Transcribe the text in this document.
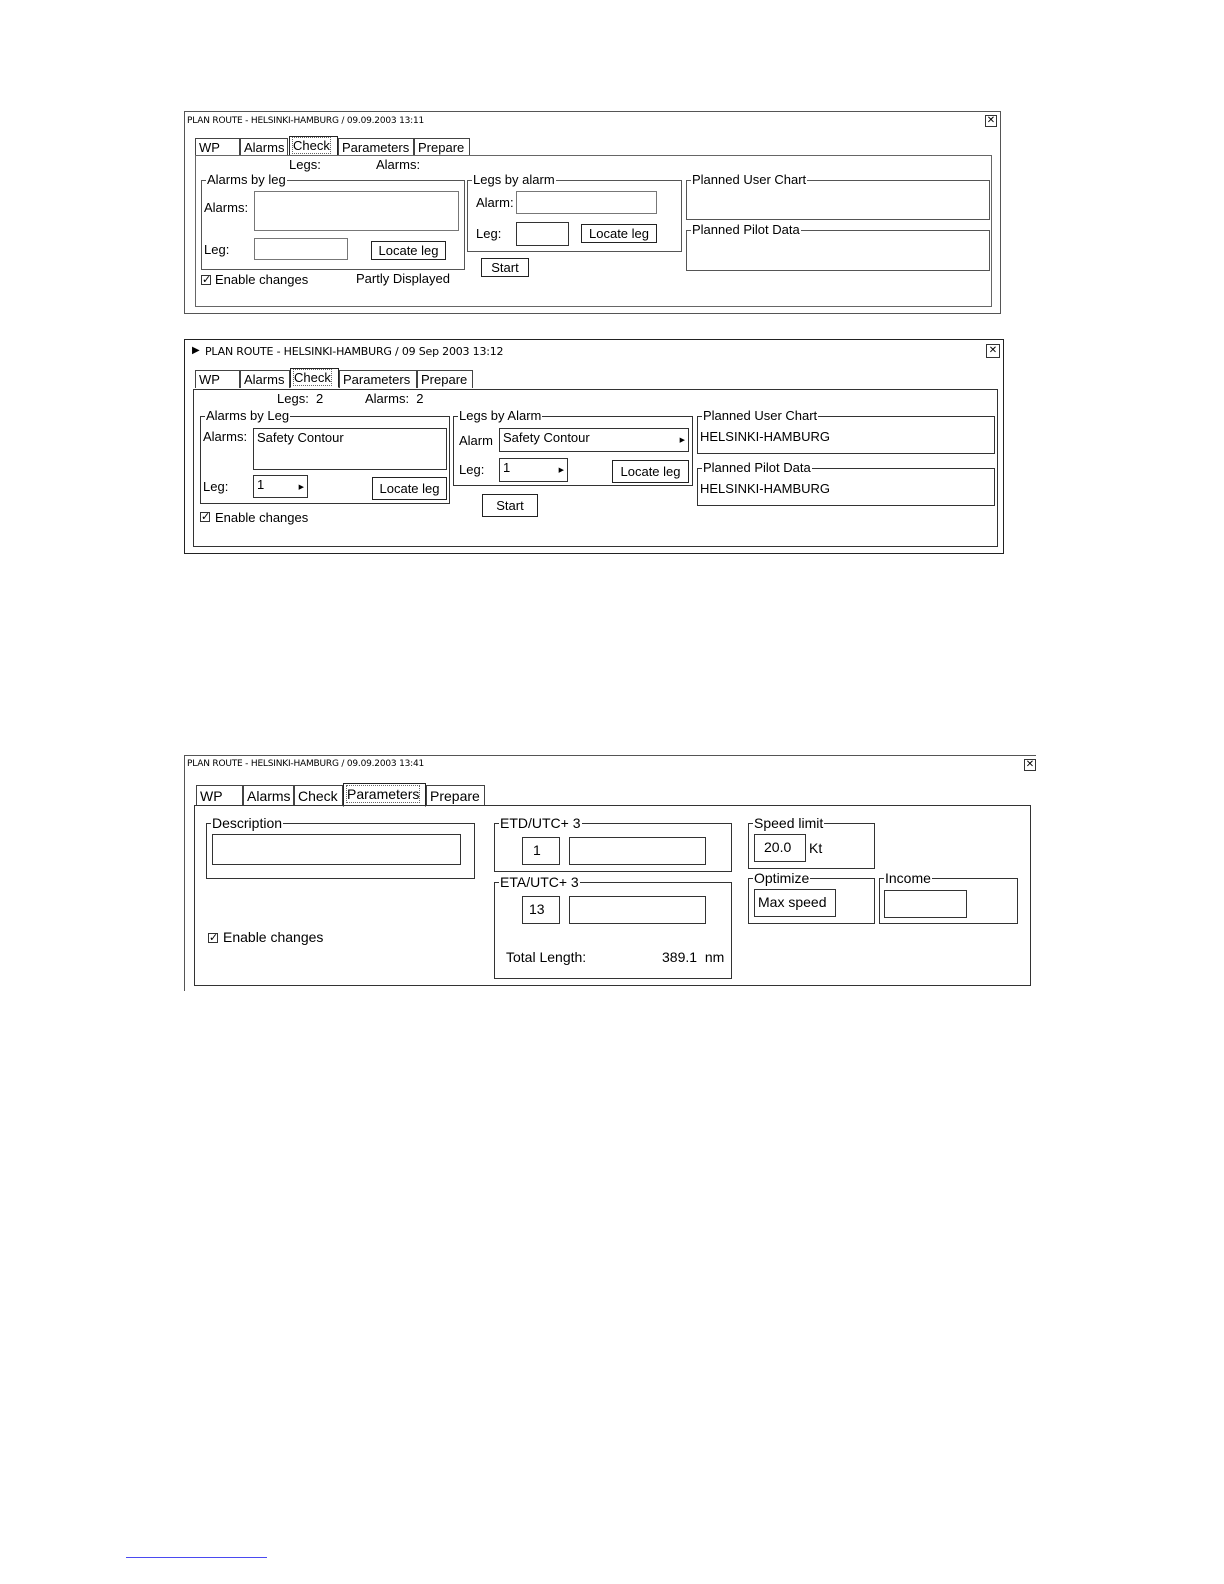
PLAN ROUTE - HELSINKI-HAMBURG / 09.09.2003 13:11	✕
WP	Alarms Check Parameters Prepare
Legs:	Alarms:
Alarms by leg
Alarms:
Leg:	Locate leg
✓ Enable changes	Partly Displayed
Legs by alarm
Alarm:
Leg:	Locate leg
Start
Planned User Chart
Planned Pilot Data
▶ PLAN ROUTE - HELSINKI-HAMBURG / 09 Sep 2003 13:12	✕
WP	Alarms Check Parameters Prepare
Legs: 2	Alarms: 2
Alarms by Leg
Alarms: Safety Contour
Leg:	1	▶	Locate leg
✓ Enable changes
Legs by Alarm
Alarm Safety Contour	▶
Leg:	1	▶	Locate leg
Start
Planned User Chart
HELSINKI-HAMBURG
Planned Pilot Data
HELSINKI-HAMBURG
PLAN ROUTE - HELSINKI-HAMBURG / 09.09.2003 13:41	✕
WP	Alarms Check Parameters Prepare
Description
✓ Enable changes
ETD/UTC+ 3
1
ETA/UTC+ 3
13
Total Length:	389.1 nm
Speed limit
20.0	Kt
Optimize
Max speed
Income
